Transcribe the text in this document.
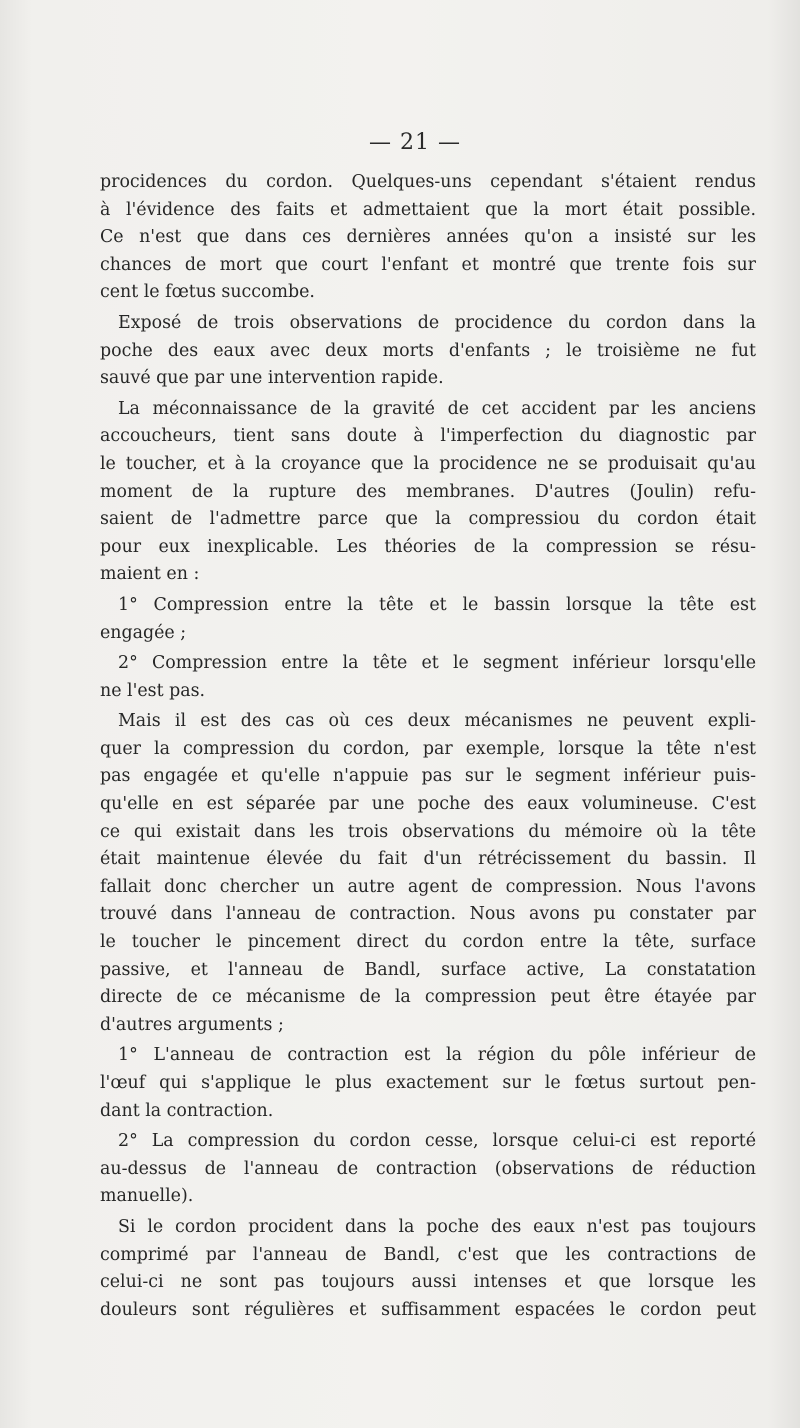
— 21 —
procidences du cordon. Quelques-uns cependant s'étaient rendus
à l'évidence des faits et admettaient que la mort était possible.
Ce n'est que dans ces dernières années qu'on a insisté sur les
chances de mort que court l'enfant et montré que trente fois sur
cent le fœtus succombe.
Exposé de trois observations de procidence du cordon dans la
poche des eaux avec deux morts d'enfants ; le troisième ne fut
sauvé que par une intervention rapide.
La méconnaissance de la gravité de cet accident par les anciens
accoucheurs, tient sans doute à l'imperfection du diagnostic par
le toucher, et à la croyance que la procidence ne se produisait qu'au
moment de la rupture des membranes. D'autres (Joulin) refu-
saient de l'admettre parce que la compressiou du cordon était
pour eux inexplicable. Les théories de la compression se résu-
maient en :
1° Compression entre la tête et le bassin lorsque la tête est
engagée ;
2° Compression entre la tête et le segment inférieur lorsqu'elle
ne l'est pas.
Mais il est des cas où ces deux mécanismes ne peuvent expli-
quer la compression du cordon, par exemple, lorsque la tête n'est
pas engagée et qu'elle n'appuie pas sur le segment inférieur puis-
qu'elle en est séparée par une poche des eaux volumineuse. C'est
ce qui existait dans les trois observations du mémoire où la tête
était maintenue élevée du fait d'un rétrécissement du bassin. Il
fallait donc chercher un autre agent de compression. Nous l'avons
trouvé dans l'anneau de contraction. Nous avons pu constater par
le toucher le pincement direct du cordon entre la tête, surface
passive, et l'anneau de Bandl, surface active, La constatation
directe de ce mécanisme de la compression peut être étayée par
d'autres arguments ;
1° L'anneau de contraction est la région du pôle inférieur de
l'œuf qui s'applique le plus exactement sur le fœtus surtout pen-
dant la contraction.
2° La compression du cordon cesse, lorsque celui-ci est reporté
au-dessus de l'anneau de contraction (observations de réduction
manuelle).
Si le cordon procident dans la poche des eaux n'est pas toujours
comprimé par l'anneau de Bandl, c'est que les contractions de
celui-ci ne sont pas toujours aussi intenses et que lorsque les
douleurs sont régulières et suffisamment espacées le cordon peut
